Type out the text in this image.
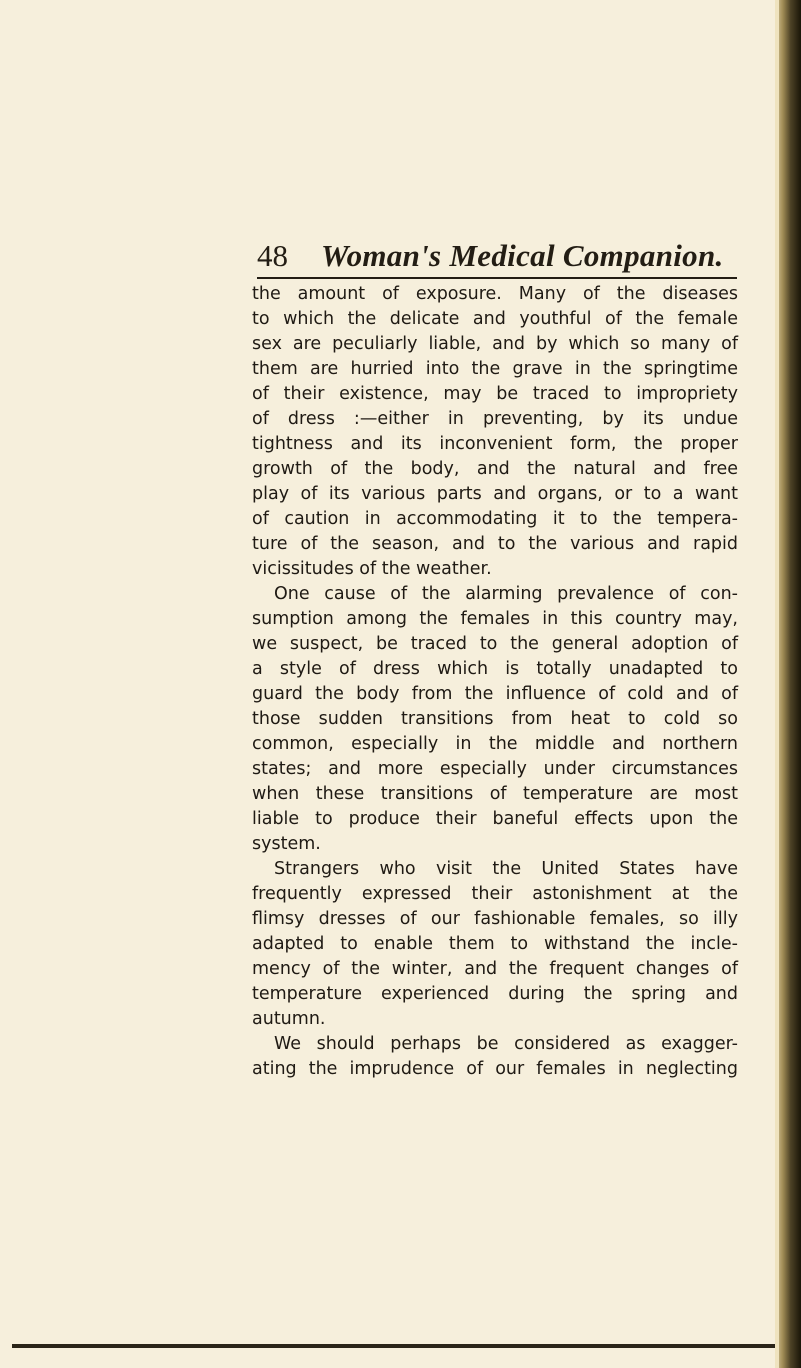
48 Woman's Medical Companion.
the amount of exposure. Many of the diseases
to which the delicate and youthful of the female
sex are peculiarly liable, and by which so many of
them are hurried into the grave in the springtime
of their existence, may be traced to impropriety
of dress :—either in preventing, by its undue
tightness and its inconvenient form, the proper
growth of the body, and the natural and free
play of its various parts and organs, or to a want
of caution in accommodating it to the tempera-
ture of the season, and to the various and rapid
vicissitudes of the weather.
One cause of the alarming prevalence of con-
sumption among the females in this country may,
we suspect, be traced to the general adoption of
a style of dress which is totally unadapted to
guard the body from the influence of cold and of
those sudden transitions from heat to cold so
common, especially in the middle and northern
states; and more especially under circumstances
when these transitions of temperature are most
liable to produce their baneful effects upon the
system.
Strangers who visit the United States have
frequently expressed their astonishment at the
flimsy dresses of our fashionable females, so illy
adapted to enable them to withstand the incle-
mency of the winter, and the frequent changes of
temperature experienced during the spring and
autumn.
We should perhaps be considered as exagger-
ating the imprudence of our females in neglecting
